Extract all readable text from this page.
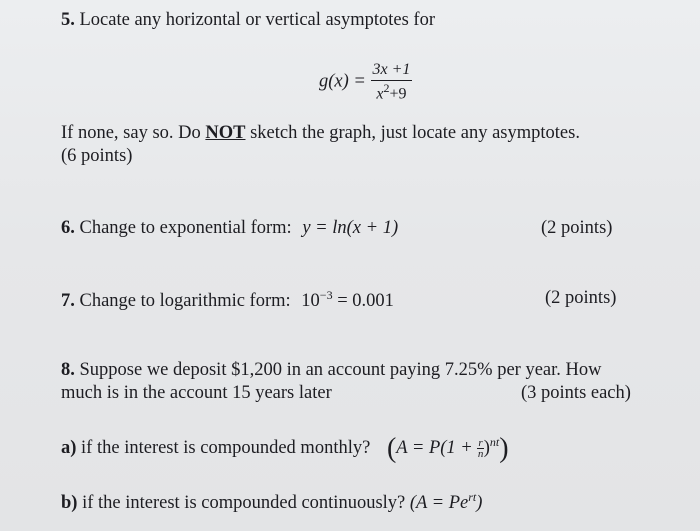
5. Locate any horizontal or vertical asymptotes for
$g(x) = \frac{3x +1}{x^2+9}$
If none, say so. Do NOT sketch the graph, just locate any asymptotes.
(6 points)
6. Change to exponential form: y = ln(x + 1)	(2 points)
7. Change to logarithmic form: $10^{-3} = 0.001$	(2 points)
8. Suppose we deposit $1,200 in an account paying 7.25% per year. How
much is in the account 15 years later	(3 points each)
a) if the interest is compounded monthly? $(A = P(1 + \frac{r}{n} )^{nt})$
b) if the interest is compounded continuously? $(A = Pe^{rt})$
